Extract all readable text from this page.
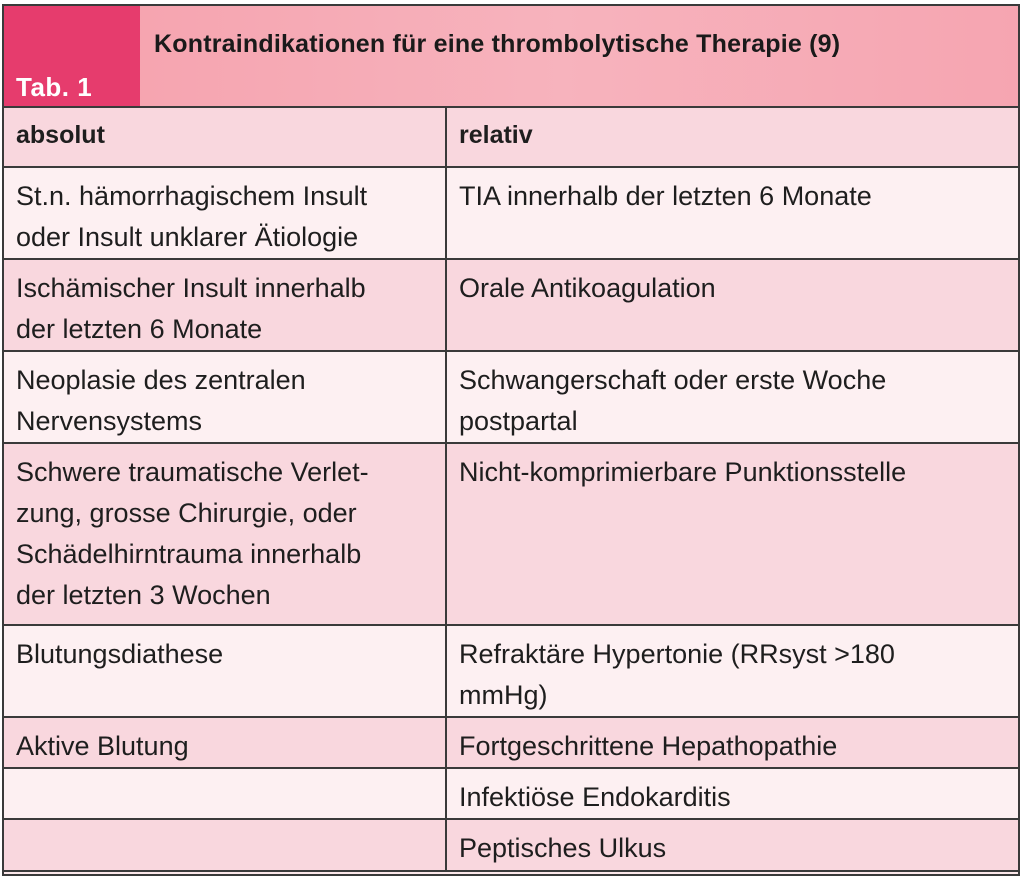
Tab. 1
Kontraindikationen für eine thrombolytische Therapie (9)
absolut	relativ

St.n. hämorrhagischem Insult
oder Insult unklarer Ätiologie	TIA innerhalb der letzten 6 Monate

Ischämischer Insult innerhalb
der letzten 6 Monate	Orale Antikoagulation

Neoplasie des zentralen
Nervensystems	Schwangerschaft oder erste Woche
postpartal

Schwere traumatische Verlet-
zung, grosse Chirurgie, oder
Schädelhirntrauma innerhalb
der letzten 3 Wochen	Nicht-komprimierbare Punktionsstelle

Blutungsdiathese	Refraktäre Hypertonie (RRsyst >180
mmHg)

Aktive Blutung	Fortgeschrittene Hepathopathie

	Infektiöse Endokarditis

	Peptisches Ulkus
